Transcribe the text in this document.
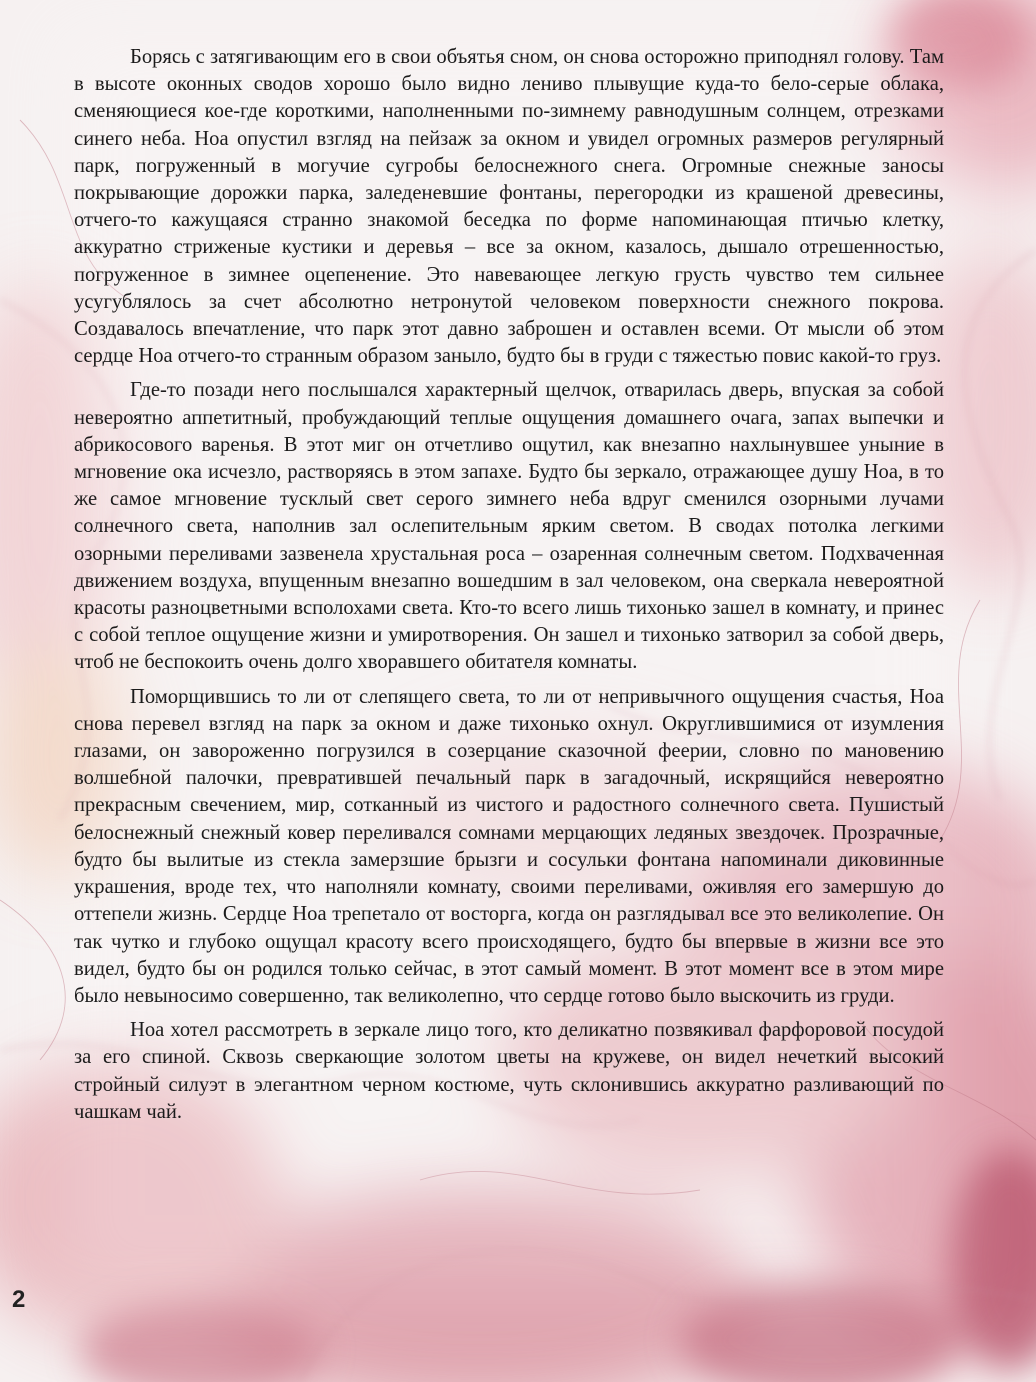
Борясь с затягивающим его в свои объятья сном, он снова осторожно приподнял голову. Там в высоте оконных сводов хорошо было видно лениво плывущие куда-то бело-серые облака, сменяющиеся кое-где короткими, наполненными по-зимнему равнодушным солнцем, отрезками синего неба. Ноа опустил взгляд на пейзаж за окном и увидел огромных размеров регулярный парк, погруженный в могучие сугробы белоснежного снега. Огромные снежные заносы покрывающие дорожки парка, заледеневшие фонтаны, перегородки из крашеной древесины, отчего-то кажущаяся странно знакомой беседка по форме напоминающая птичью клетку, аккуратно стриженые кустики и деревья – все за окном, казалось, дышало отрешенностью, погруженное в зимнее оцепенение. Это навевающее легкую грусть чувство тем сильнее усугублялось за счет абсолютно нетронутой человеком поверхности снежного покрова. Создавалось впечатление, что парк этот давно заброшен и оставлен всеми. От мысли об этом сердце Ноа отчего-то странным образом заныло, будто бы в груди с тяжестью повис какой-то груз.

Где-то позади него послышался характерный щелчок, отварилась дверь, впуская за собой невероятно аппетитный, пробуждающий теплые ощущения домашнего очага, запах выпечки и абрикосового варенья. В этот миг он отчетливо ощутил, как внезапно нахлынувшее уныние в мгновение ока исчезло, растворяясь в этом запахе. Будто бы зеркало, отражающее душу Ноа, в то же самое мгновение тусклый свет серого зимнего неба вдруг сменился озорными лучами солнечного света, наполнив зал ослепительным ярким светом. В сводах потолка легкими озорными переливами зазвенела хрустальная роса – озаренная солнечным светом. Подхваченная движением воздуха, впущенным внезапно вошедшим в зал человеком, она сверкала невероятной красоты разноцветными всполохами света. Кто-то всего лишь тихонько зашел в комнату, и принес с собой теплое ощущение жизни и умиротворения. Он зашел и тихонько затворил за собой дверь, чтоб не беспокоить очень долго хворавшего обитателя комнаты.

Поморщившись то ли от слепящего света, то ли от непривычного ощущения счастья, Ноа снова перевел взгляд на парк за окном и даже тихонько охнул. Округлившимися от изумления глазами, он завороженно погрузился в созерцание сказочной феерии, словно по мановению волшебной палочки, превратившей печальный парк в загадочный, искрящийся невероятно прекрасным свечением, мир, сотканный из чистого и радостного солнечного света. Пушистый белоснежный снежный ковер переливался сомнами мерцающих ледяных звездочек. Прозрачные, будто бы вылитые из стекла замерзшие брызги и сосульки фонтана напоминали диковинные украшения, вроде тех, что наполняли комнату, своими переливами, оживляя его замершую до оттепели жизнь. Сердце Ноа трепетало от восторга, когда он разглядывал все это великолепие. Он так чутко и глубоко ощущал красоту всего происходящего, будто бы впервые в жизни все это видел, будто бы он родился только сейчас, в этот самый момент. В этот момент все в этом мире было невыносимо совершенно, так великолепно, что сердце готово было выскочить из груди.

Ноа хотел рассмотреть в зеркале лицо того, кто деликатно позвякивал фарфоровой посудой за его спиной. Сквозь сверкающие золотом цветы на кружеве, он видел нечеткий высокий стройный силуэт в элегантном черном костюме, чуть склонившись аккуратно разливающий по чашкам чай.

2
